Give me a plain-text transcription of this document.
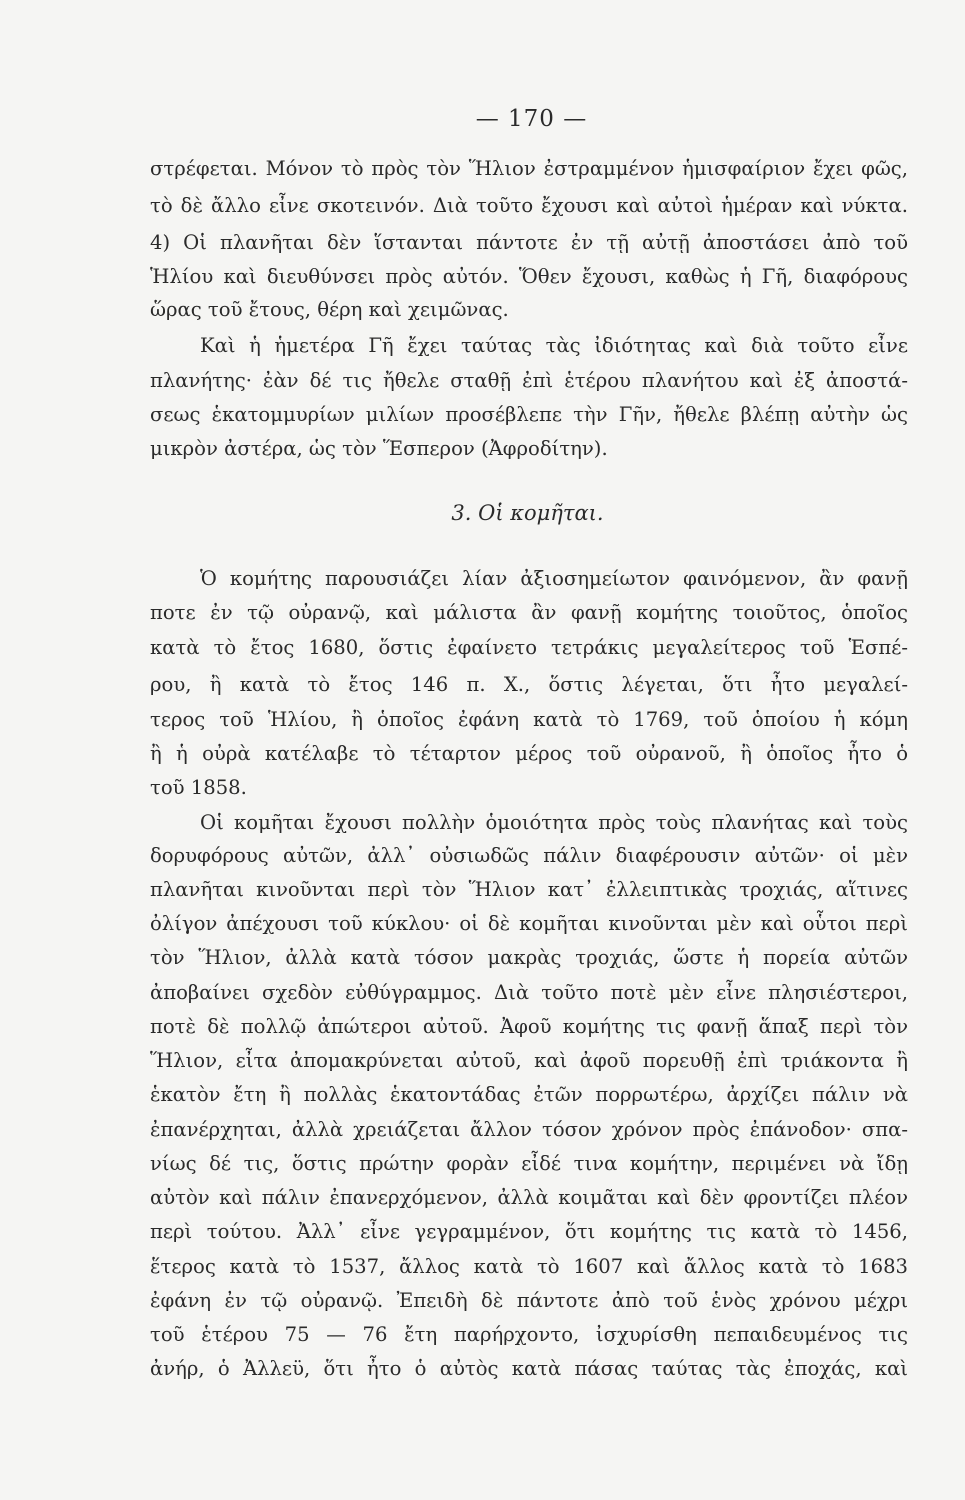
— 170 —
στρέφεται. Μόνον τὸ πρὸς τὸν Ἥλιον ἐστραμμένον ἡμισφαίριον ἔχει φῶς,
τὸ δὲ ἄλλο εἶνε σκοτεινόν. Διὰ τοῦτο ἔχουσι καὶ αὐτοὶ ἡμέραν καὶ νύκτα.
4) Οἱ πλανῆται δὲν ἵστανται πάντοτε ἐν τῇ αὐτῇ ἀποστάσει ἀπὸ τοῦ
Ἡλίου καὶ διευθύνσει πρὸς αὐτόν. Ὅθεν ἔχουσι, καθὼς ἡ Γῆ, διαφόρους
ὥρας τοῦ ἔτους, θέρη καὶ χειμῶνας.
Καὶ ἡ ἡμετέρα Γῆ ἔχει ταύτας τὰς ἰδιότητας καὶ διὰ τοῦτο εἶνε
πλανήτης· ἐὰν δέ τις ἤθελε σταθῇ ἐπὶ ἑτέρου πλανήτου καὶ ἐξ ἀποστά-
σεως ἑκατομμυρίων μιλίων προσέβλεπε τὴν Γῆν, ἤθελε βλέπῃ αὐτὴν ὡς
μικρὸν ἀστέρα, ὡς τὸν Ἕσπερον (Ἀφροδίτην).
3. Οἱ κομῆται.
Ὁ κομήτης παρουσιάζει λίαν ἀξιοσημείωτον φαινόμενον, ἂν φανῇ
ποτε ἐν τῷ οὐρανῷ, καὶ μάλιστα ἂν φανῇ κομήτης τοιοῦτος, ὁποῖος
κατὰ τὸ ἔτος 1680, ὅστις ἐφαίνετο τετράκις μεγαλείτερος τοῦ Ἑσπέ-
ρου, ἢ κατὰ τὸ ἔτος 146 π. Χ., ὅστις λέγεται, ὅτι ἦτο μεγαλεί-
τερος τοῦ Ἡλίου, ἢ ὁποῖος ἐφάνη κατὰ τὸ 1769, τοῦ ὁποίου ἡ κόμη
ἢ ἡ οὐρὰ κατέλαβε τὸ τέταρτον μέρος τοῦ οὐρανοῦ, ἢ ὁποῖος ἦτο ὁ
τοῦ 1858.
Οἱ κομῆται ἔχουσι πολλὴν ὁμοιότητα πρὸς τοὺς πλανήτας καὶ τοὺς
δορυφόρους αὐτῶν, ἀλλ᾽ οὐσιωδῶς πάλιν διαφέρουσιν αὐτῶν· οἱ μὲν
πλανῆται κινοῦνται περὶ τὸν Ἥλιον κατ᾽ ἐλλειπτικὰς τροχιάς, αἵτινες
ὀλίγον ἀπέχουσι τοῦ κύκλου· οἱ δὲ κομῆται κινοῦνται μὲν καὶ οὗτοι περὶ
τὸν Ἥλιον, ἀλλὰ κατὰ τόσον μακρὰς τροχιάς, ὥστε ἡ πορεία αὐτῶν
ἀποβαίνει σχεδὸν εὐθύγραμμος. Διὰ τοῦτο ποτὲ μὲν εἶνε πλησιέστεροι,
ποτὲ δὲ πολλῷ ἀπώτεροι αὐτοῦ. Ἀφοῦ κομήτης τις φανῇ ἅπαξ περὶ τὸν
Ἥλιον, εἶτα ἀπομακρύνεται αὐτοῦ, καὶ ἀφοῦ πορευθῇ ἐπὶ τριάκοντα ἢ
ἑκατὸν ἔτη ἢ πολλὰς ἑκατοντάδας ἐτῶν πορρωτέρω, ἀρχίζει πάλιν νὰ
ἐπανέρχηται, ἀλλὰ χρειάζεται ἄλλον τόσον χρόνον πρὸς ἐπάνοδον· σπα-
νίως δέ τις, ὅστις πρώτην φορὰν εἶδέ τινα κομήτην, περιμένει νὰ ἴδῃ
αὐτὸν καὶ πάλιν ἐπανερχόμενον, ἀλλὰ κοιμᾶται καὶ δὲν φροντίζει πλέον
περὶ τούτου. Ἀλλ᾽ εἶνε γεγραμμένον, ὅτι κομήτης τις κατὰ τὸ 1456,
ἕτερος κατὰ τὸ 1537, ἄλλος κατὰ τὸ 1607 καὶ ἄλλος κατὰ τὸ 1683
ἐφάνη ἐν τῷ οὐρανῷ. Ἐπειδὴ δὲ πάντοτε ἀπὸ τοῦ ἑνὸς χρόνου μέχρι
τοῦ ἑτέρου 75 — 76 ἔτη παρήρχοντο, ἰσχυρίσθη πεπαιδευμένος τις
ἀνήρ, ὁ Ἀλλεϋ, ὅτι ἦτο ὁ αὐτὸς κατὰ πάσας ταύτας τὰς ἐποχάς, καὶ
